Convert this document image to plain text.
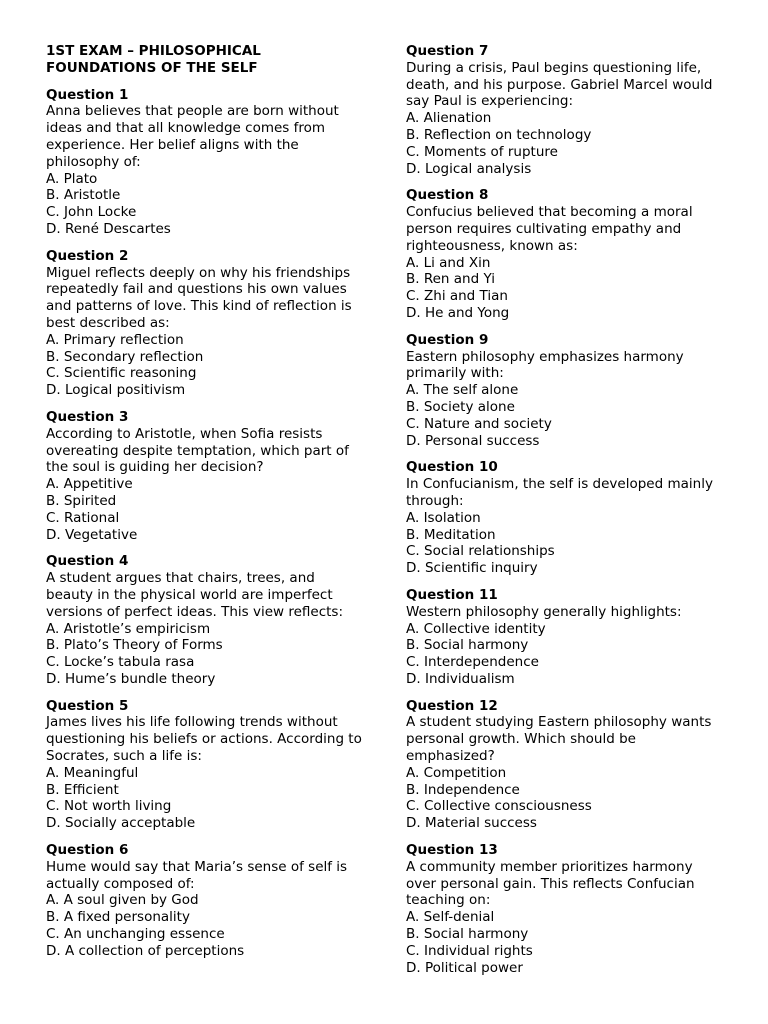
1ST EXAM – PHILOSOPHICAL
FOUNDATIONS OF THE SELF
Question 1
Anna believes that people are born without ideas and that all knowledge comes from experience. Her belief aligns with the philosophy of:
A. Plato
B. Aristotle
C. John Locke
D. René Descartes
Question 2
Miguel reflects deeply on why his friendships repeatedly fail and questions his own values and patterns of love. This kind of reflection is best described as:
A. Primary reflection
B. Secondary reflection
C. Scientific reasoning
D. Logical positivism
Question 3
According to Aristotle, when Sofia resists overeating despite temptation, which part of the soul is guiding her decision?
A. Appetitive
B. Spirited
C. Rational
D. Vegetative
Question 4
A student argues that chairs, trees, and beauty in the physical world are imperfect versions of perfect ideas. This view reflects:
A. Aristotle’s empiricism
B. Plato’s Theory of Forms
C. Locke’s tabula rasa
D. Hume’s bundle theory
Question 5
James lives his life following trends without questioning his beliefs or actions. According to Socrates, such a life is:
A. Meaningful
B. Efficient
C. Not worth living
D. Socially acceptable
Question 6
Hume would say that Maria’s sense of self is actually composed of:
A. A soul given by God
B. A fixed personality
C. An unchanging essence
D. A collection of perceptions
Question 7
During a crisis, Paul begins questioning life, death, and his purpose. Gabriel Marcel would say Paul is experiencing:
A. Alienation
B. Reflection on technology
C. Moments of rupture
D. Logical analysis
Question 8
Confucius believed that becoming a moral person requires cultivating empathy and righteousness, known as:
A. Li and Xin
B. Ren and Yi
C. Zhi and Tian
D. He and Yong
Question 9
Eastern philosophy emphasizes harmony primarily with:
A. The self alone
B. Society alone
C. Nature and society
D. Personal success
Question 10
In Confucianism, the self is developed mainly through:
A. Isolation
B. Meditation
C. Social relationships
D. Scientific inquiry
Question 11
Western philosophy generally highlights:
A. Collective identity
B. Social harmony
C. Interdependence
D. Individualism
Question 12
A student studying Eastern philosophy wants personal growth. Which should be emphasized?
A. Competition
B. Independence
C. Collective consciousness
D. Material success
Question 13
A community member prioritizes harmony over personal gain. This reflects Confucian teaching on:
A. Self-denial
B. Social harmony
C. Individual rights
D. Political power
